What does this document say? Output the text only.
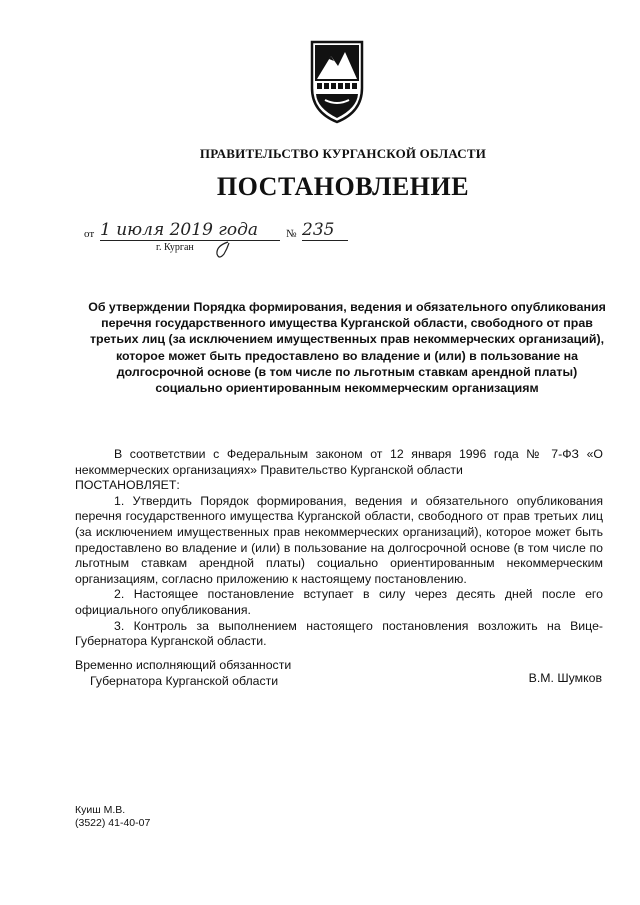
ПРАВИТЕЛЬСТВО КУРГАНСКОЙ ОБЛАСТИ
ПОСТАНОВЛЕНИЕ
от 1 июля 2019 года	№ 235
г. Курган
Об утверждении Порядка формирования, ведения и обязательного опубликования перечня государственного имущества Курганской области, свободного от прав третьих лиц (за исключением имущественных прав некоммерческих организаций), которое может быть предоставлено во владение и (или) в пользование на долгосрочной основе (в том числе по льготным ставкам арендной платы) социально ориентированным некоммерческим организациям

В соответствии с Федеральным законом от 12 января 1996 года № 7-ФЗ «О некоммерческих организациях» Правительство Курганской области

ПОСТАНОВЛЯЕТ:

1. Утвердить Порядок формирования, ведения и обязательного опубликования перечня государственного имущества Курганской области, свободного от прав третьих лиц (за исключением имущественных прав некоммерческих организаций), которое может быть предоставлено во владение и (или) в пользование на долгосрочной основе (в том числе по льготным ставкам арендной платы) социально ориентированным некоммерческим организациям, согласно приложению к настоящему постановлению.

2. Настоящее постановление вступает в силу через десять дней после его официального опубликования.

3. Контроль за выполнением настоящего постановления возложить на Вице-Губернатора Курганской области.

Временно исполняющий обязанности
Губернатора Курганской области	В.М. Шумков
Куиш М.В.
(3522) 41-40-07
